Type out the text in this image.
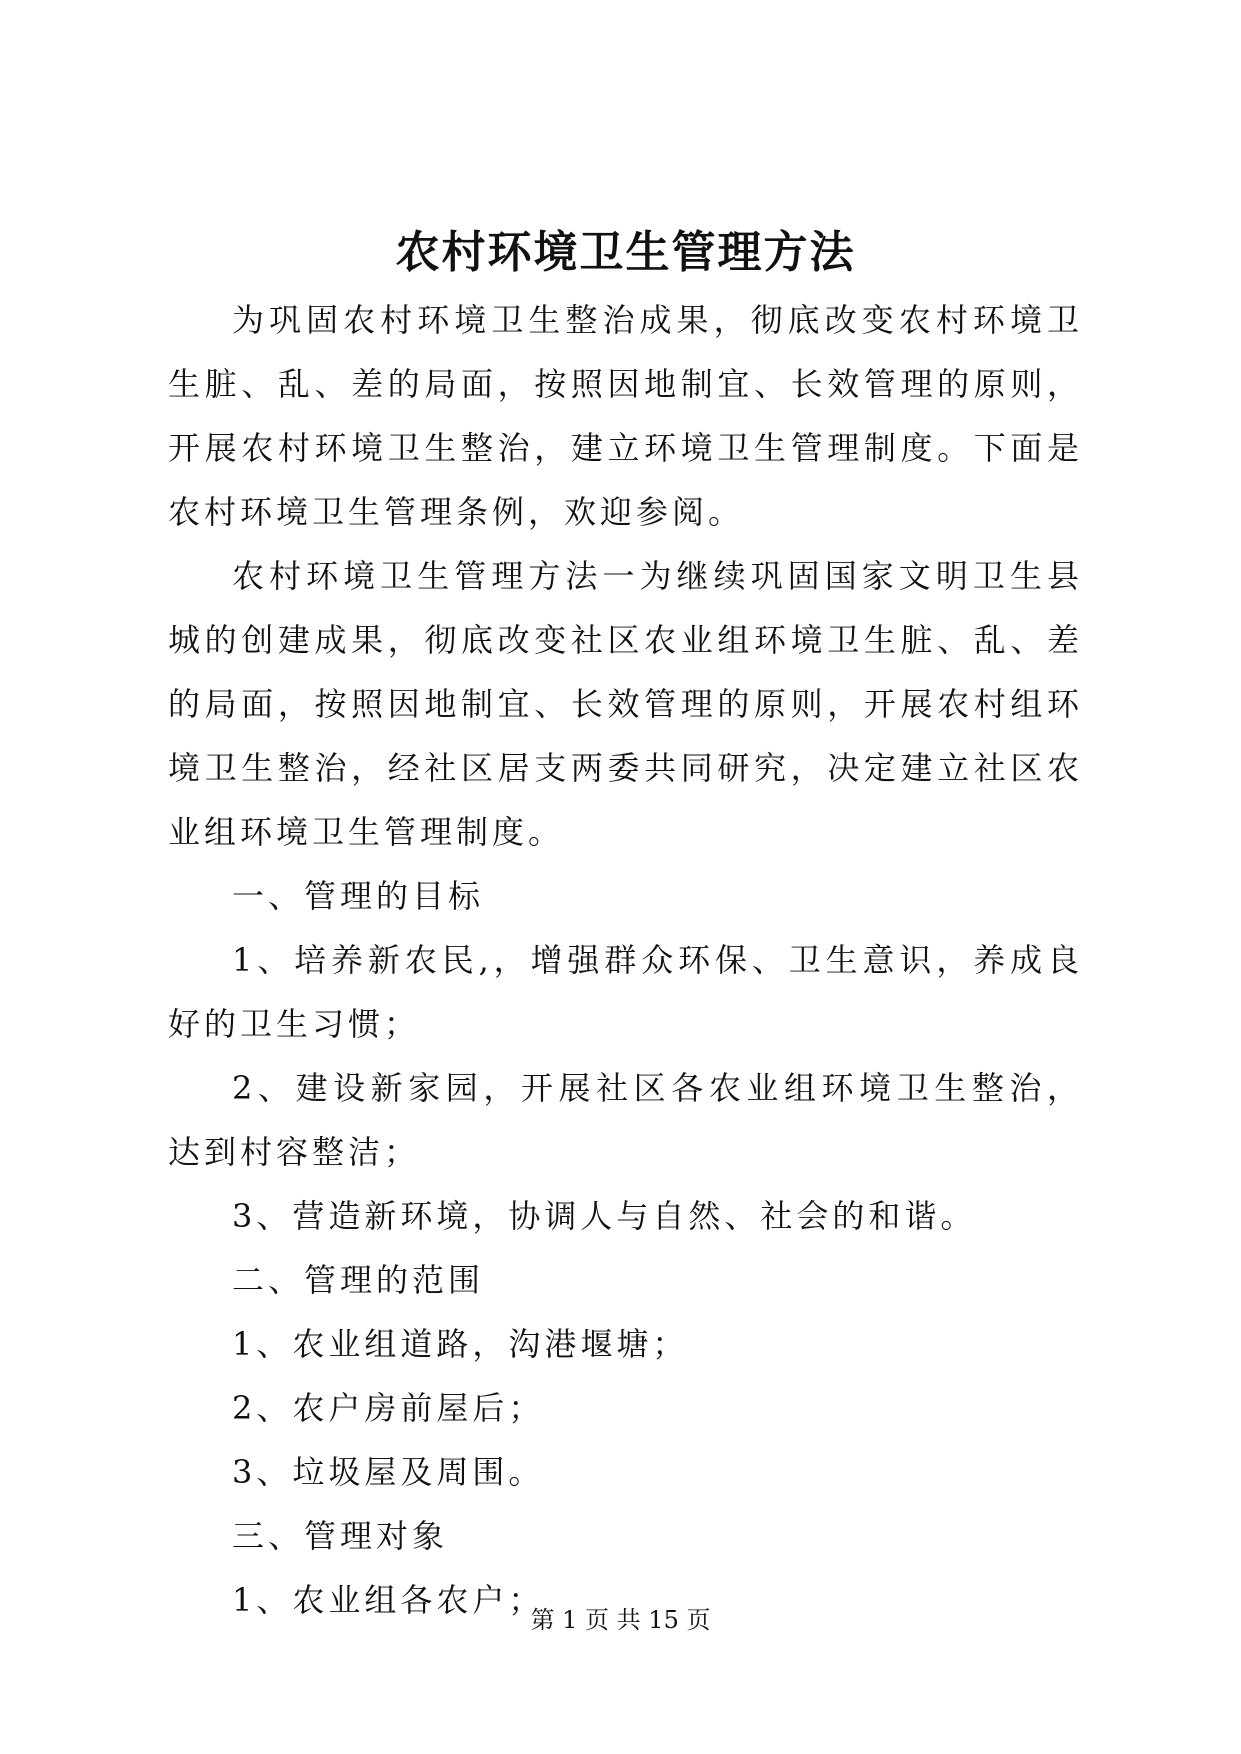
农村环境卫生管理方法

为巩固农村环境卫生整治成果，彻底改变农村环境卫生脏、乱、差的局面，按照因地制宜、长效管理的原则，开展农村环境卫生整治，建立环境卫生管理制度。下面是农村环境卫生管理条例，欢迎参阅。

农村环境卫生管理方法一为继续巩固国家文明卫生县城的创建成果，彻底改变社区农业组环境卫生脏、乱、差的局面，按照因地制宜、长效管理的原则，开展农村组环境卫生整治，经社区居支两委共同研究，决定建立社区农业组环境卫生管理制度。

一、管理的目标

1、培养新农民,，增强群众环保、卫生意识，养成良好的卫生习惯；

2、建设新家园，开展社区各农业组环境卫生整治，达到村容整洁；

3、营造新环境，协调人与自然、社会的和谐。

二、管理的范围

1、农业组道路，沟港堰塘；

2、农户房前屋后；

3、垃圾屋及周围。

三、管理对象

1、农业组各农户；

第 1 页 共 15 页
